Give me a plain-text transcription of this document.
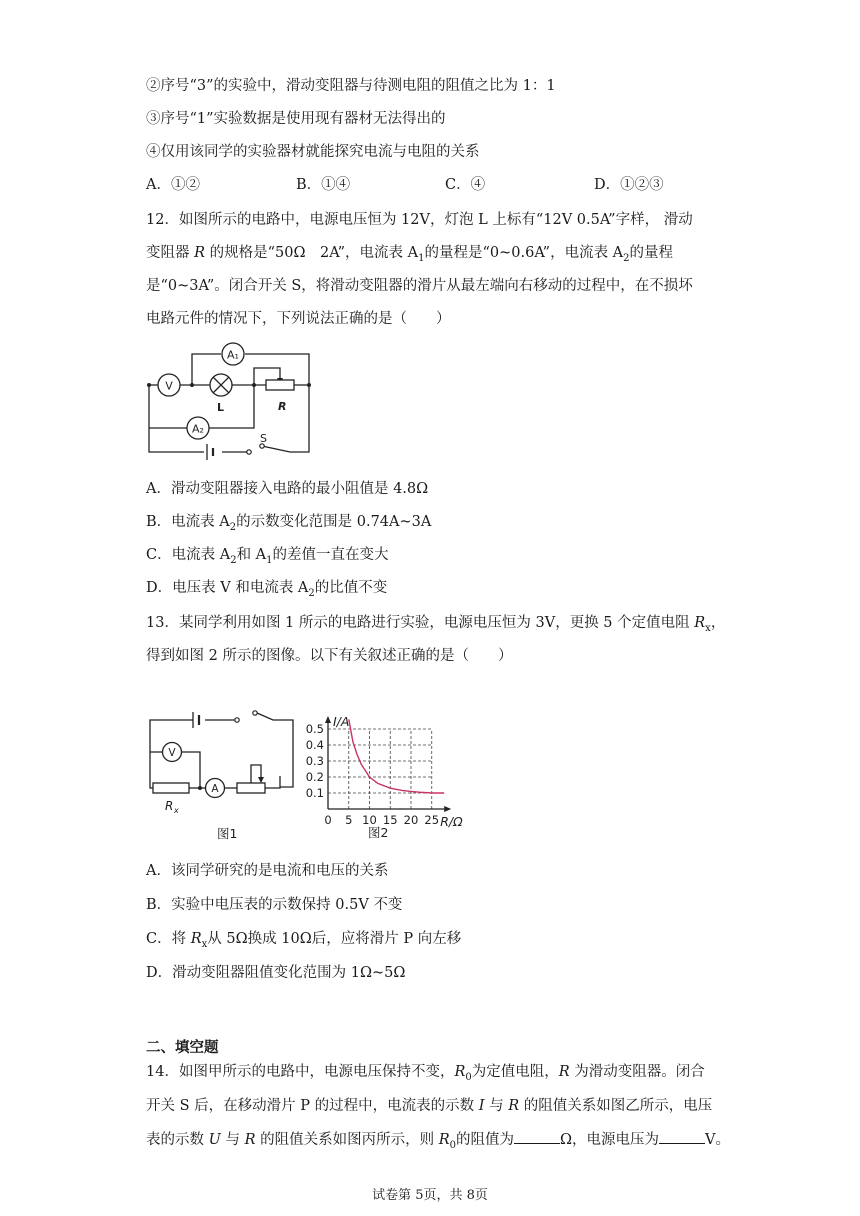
②序号“3”的实验中，滑动变阻器与待测电阻的阻值之比为 1：1
③序号“1”实验数据是使用现有器材无法得出的
④仅用该同学的实验器材就能探究电流与电阻的关系
A．①②	B．①④	C．④	D．①②③
12．如图所示的电路中，电源电压恒为 12V，灯泡 L 上标有“12V 0.5A”字样， 滑动
变阻器 R 的规格是“50Ω　2A”，电流表 $A_1$的量程是“0~0.6A”，电流表 $A_2$的量程
是“0~3A”。闭合开关 S，将滑动变阻器的滑片从最左端向右移动的过程中，在不损坏
电路元件的情况下，下列说法正确的是（　　）
A₁
V
L	R
A₂
S
A．滑动变阻器接入电路的最小阻值是 4.8Ω
B．电流表 $A_2$的示数变化范围是 0.74A~3A
C．电流表 $A_2$和 $A_1$的差值一直在变大
D．电压表 V 和电流表 $A_2$的比值不变
13．某同学利用如图 1 所示的电路进行实验，电源电压恒为 3V，更换 5 个定值电阻 $R_x$，
得到如图 2 所示的图像。以下有关叙述正确的是（　　）
V
A
R x
图1	图2
0.1
0.2
0.3
0.4
0.5
0 5 10 15 20 25
I/A
R/Ω
A．该同学研究的是电流和电压的关系
B．实验中电压表的示数保持 0.5V 不变
C．将 $R_x$从 5Ω换成 10Ω后，应将滑片 P 向左移
D．滑动变阻器阻值变化范围为 1Ω~5Ω
二、填空题
14．如图甲所示的电路中，电源电压保持不变，$R_0$为定值电阻，R 为滑动变阻器。闭合
开关 S 后，在移动滑片 P 的过程中，电流表的示数 I 与 R 的阻值关系如图乙所示，电压
表的示数 U 与 R 的阻值关系如图丙所示，则 $R_0$的阻值为	Ω，电源电压为	V。
试卷第 5页，共 8页
